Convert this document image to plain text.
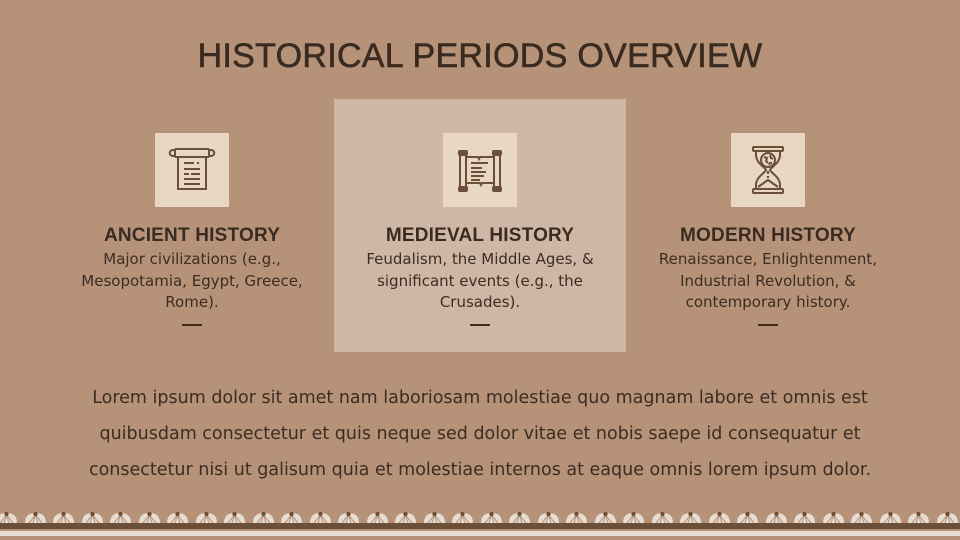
HISTORICAL PERIODS OVERVIEW
ANCIENT HISTORY
Major civilizations (e.g., Mesopotamia, Egypt, Greece, Rome).
MEDIEVAL HISTORY
Feudalism, the Middle Ages, & significant events (e.g., the Crusades).
MODERN HISTORY
Renaissance, Enlightenment, Industrial Revolution, & contemporary history.

Lorem ipsum dolor sit amet nam laboriosam molestiae quo magnam labore et omnis est quibusdam consectetur et quis neque sed dolor vitae et nobis saepe id consequatur et consectetur nisi ut galisum quia et molestiae internos at eaque omnis lorem ipsum dolor.
